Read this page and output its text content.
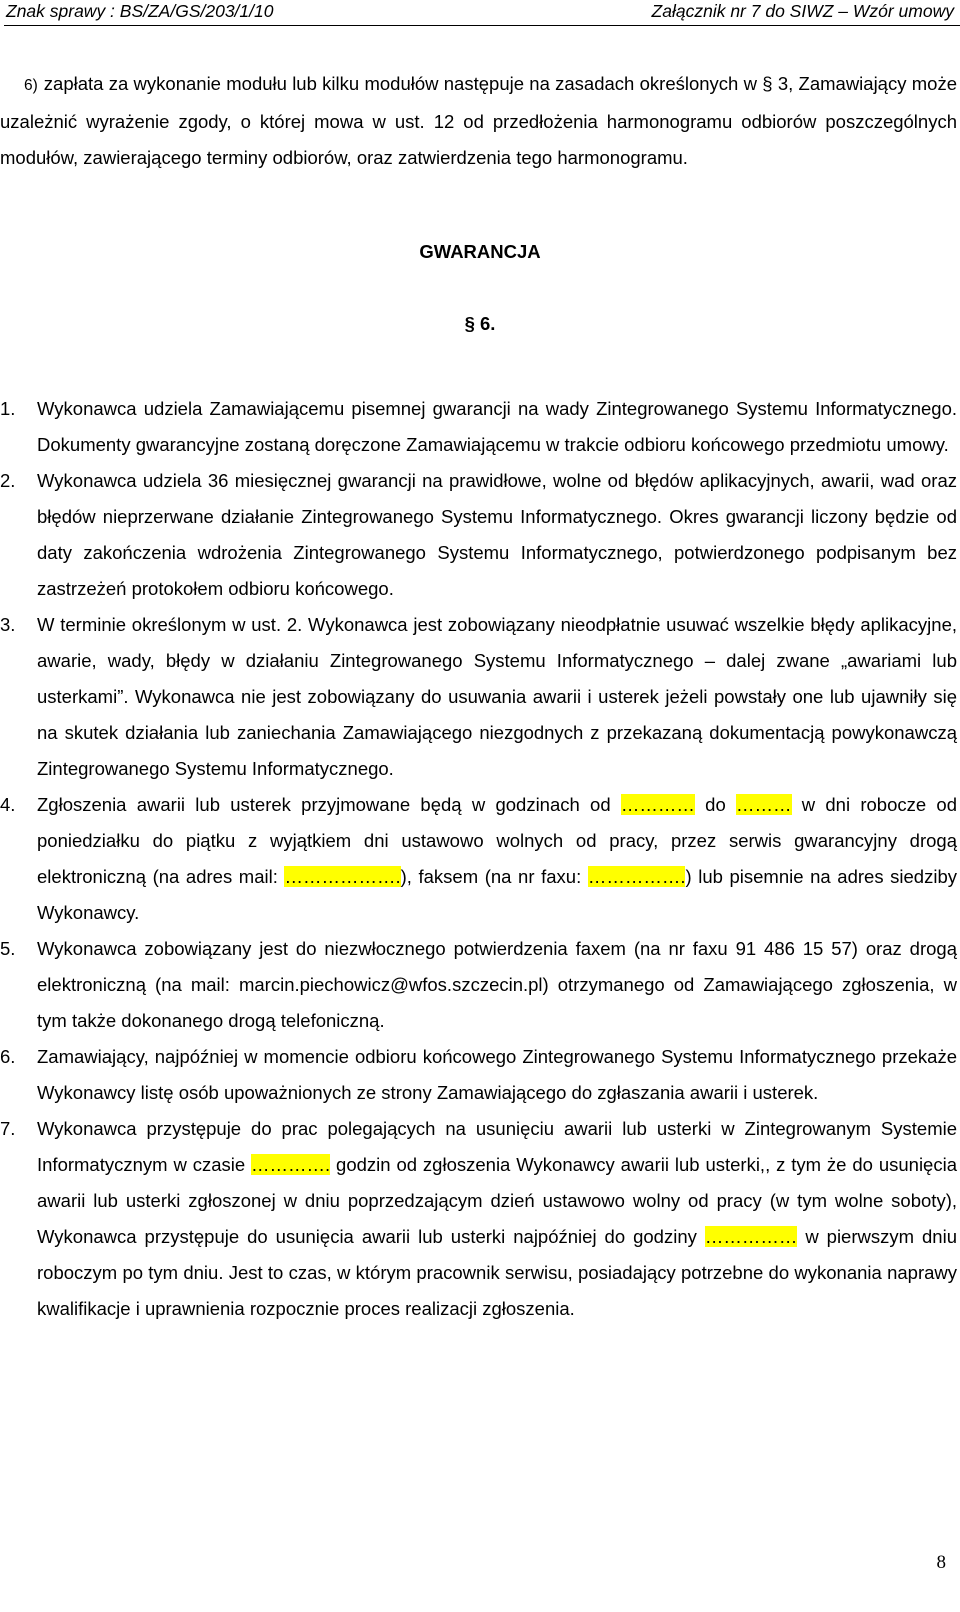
Znak sprawy : BS/ZA/GS/203/1/10	Załącznik nr 7 do SIWZ – Wzór umowy
6) zapłata za wykonanie modułu lub kilku modułów następuje na zasadach określonych w § 3, Zamawiający może uzależnić wyrażenie zgody, o której mowa w ust. 12 od przedłożenia harmonogramu odbiorów poszczególnych modułów, zawierającego terminy odbiorów, oraz zatwierdzenia tego harmonogramu.
GWARANCJA
§ 6.
1. Wykonawca udziela Zamawiającemu pisemnej gwarancji na wady Zintegrowanego Systemu Informatycznego. Dokumenty gwarancyjne zostaną doręczone Zamawiającemu w trakcie odbioru końcowego przedmiotu umowy.
2. Wykonawca udziela 36 miesięcznej gwarancji na prawidłowe, wolne od błędów aplikacyjnych, awarii, wad oraz błędów nieprzerwane działanie Zintegrowanego Systemu Informatycznego. Okres gwarancji liczony będzie od daty zakończenia wdrożenia Zintegrowanego Systemu Informatycznego, potwierdzonego podpisanym bez zastrzeżeń protokołem odbioru końcowego.
3. W terminie określonym w ust. 2. Wykonawca jest zobowiązany nieodpłatnie usuwać wszelkie błędy aplikacyjne, awarie, wady, błędy w działaniu Zintegrowanego Systemu Informatycznego – dalej zwane „awariami lub usterkami”. Wykonawca nie jest zobowiązany do usuwania awarii i usterek jeżeli powstały one lub ujawniły się na skutek działania lub zaniechania Zamawiającego niezgodnych z przekazaną dokumentacją powykonawczą Zintegrowanego Systemu Informatycznego.
4. Zgłoszenia awarii lub usterek przyjmowane będą w godzinach od ………… do ……… w dni robocze od poniedziałku do piątku z wyjątkiem dni ustawowo wolnych od pracy, przez serwis gwarancyjny drogą elektroniczną (na adres mail: ……………….), faksem (na nr faxu: …………….) lub pisemnie na adres siedziby Wykonawcy.
5. Wykonawca zobowiązany jest do niezwłocznego potwierdzenia faxem (na nr faxu 91 486 15 57) oraz drogą elektroniczną (na mail: marcin.piechowicz@wfos.szczecin.pl) otrzymanego od Zamawiającego zgłoszenia, w tym także dokonanego drogą telefoniczną.
6. Zamawiający, najpóźniej w momencie odbioru końcowego Zintegrowanego Systemu Informatycznego przekaże Wykonawcy listę osób upoważnionych ze strony Zamawiającego do zgłaszania awarii i usterek.
7. Wykonawca przystępuje do prac polegających na usunięciu awarii lub usterki w Zintegrowanym Systemie Informatycznym w czasie …………. godzin od zgłoszenia Wykonawcy awarii lub usterki,, z tym że do usunięcia awarii lub usterki zgłoszonej w dniu poprzedzającym dzień ustawowo wolny od pracy (w tym wolne soboty), Wykonawca przystępuje do usunięcia awarii lub usterki najpóźniej do godziny …………… w pierwszym dniu roboczym po tym dniu. Jest to czas, w którym pracownik serwisu, posiadający potrzebne do wykonania naprawy kwalifikacje i uprawnienia rozpocznie proces realizacji zgłoszenia.
8
